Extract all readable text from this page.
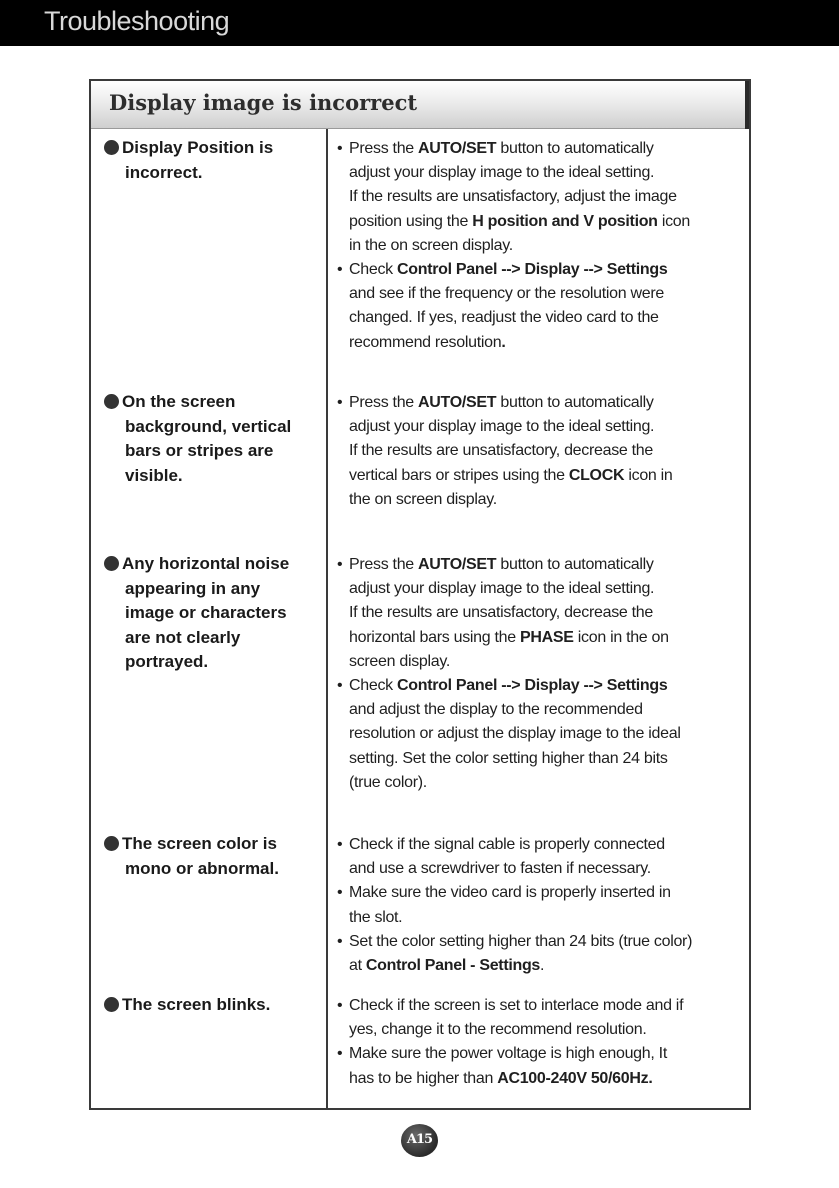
Troubleshooting
Display image is incorrect
Display Position is
incorrect.
• Press the AUTO/SET button to automatically
adjust your display image to the ideal setting.
If the results are unsatisfactory, adjust the image
position using the H position and V position icon
in the on screen display.
• Check Control Panel --> Display --> Settings
and see if the frequency or the resolution were
changed. If yes, readjust the video card to the
recommend resolution.
On the screen
background, vertical
bars or stripes are
visible.
• Press the AUTO/SET button to automatically
adjust your display image to the ideal setting.
If the results are unsatisfactory, decrease the
vertical bars or stripes using the CLOCK icon in
the on screen display.
Any horizontal noise
appearing in any
image or characters
are not clearly
portrayed.
• Press the AUTO/SET button to automatically
adjust your display image to the ideal setting.
If the results are unsatisfactory, decrease the
horizontal bars using the PHASE icon in the on
screen display.
• Check Control Panel --> Display --> Settings
and adjust the display to the recommended
resolution or adjust the display image to the ideal
setting. Set the color setting higher than 24 bits
(true color).
The screen color is
mono or abnormal.
• Check if the signal cable is properly connected
and use a screwdriver to fasten if necessary.
• Make sure the video card is properly inserted in
the slot.
• Set the color setting higher than 24 bits (true color)
at Control Panel - Settings.
The screen blinks.	• Check if the screen is set to interlace mode and if
yes, change it to the recommend resolution.
• Make sure the power voltage is high enough, It
has to be higher than AC100-240V 50/60Hz.
A15
